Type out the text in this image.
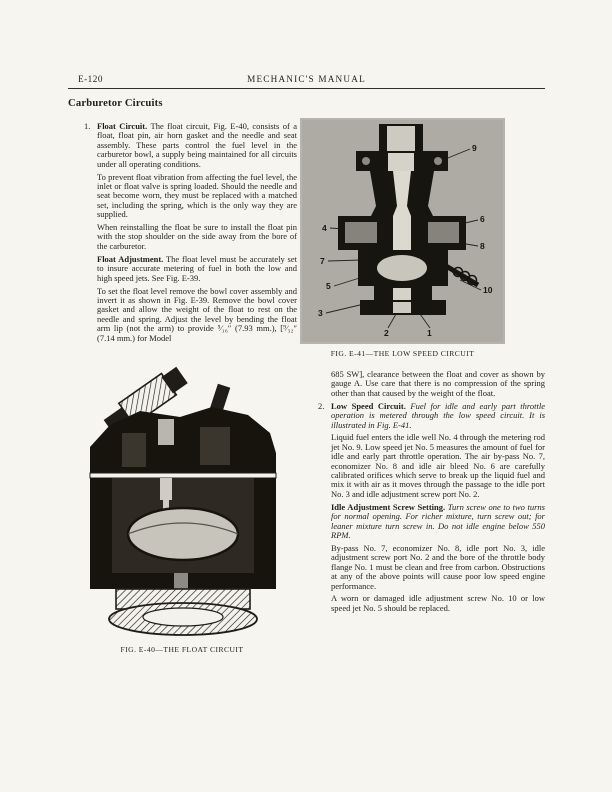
E-120	MECHANIC'S MANUAL
Carburetor Circuits

1. Float Circuit. The float circuit, Fig. E-40, consists of a float, float pin, air horn gasket and the needle and seat assembly. These parts control the fuel level in the carburetor bowl, a supply being maintained for all circuits under all operating conditions.

To prevent float vibration from affecting the fuel level, the inlet or float valve is spring loaded. Should the needle and seat become worn, they must be replaced with a matched set, including the spring, which is the only way they are supplied.

When reinstalling the float be sure to install the float pin with the stop shoulder on the side away from the bore of the carburetor.

Float Adjustment. The float level must be accurately set to insure accurate metering of fuel in both the low and high speed jets. See Fig. E-39.

To set the float level remove the bowl cover assembly and invert it as shown in Fig. E-39. Remove the bowl cover gasket and allow the weight of the float to rest on the needle and spring. Adjust the level by bending the float arm lip (not the arm) to provide ⁵⁄₁₆″ (7.93 mm.), [⁹⁄₃₂″ (7.14 mm.) for Model

FIG. E-40—THE FLOAT CIRCUIT
9
4
6
8
7
5	10
3
2	1
FIG. E-41—THE LOW SPEED CIRCUIT

685 SW], clearance between the float and cover as shown by gauge A. Use care that there is no compression of the spring other than that caused by the weight of the float.

2. Low Speed Circuit. Fuel for idle and early part throttle operation is metered through the low speed circuit. It is illustrated in Fig. E-41.

Liquid fuel enters the idle well No. 4 through the metering rod jet No. 9. Low speed jet No. 5 measures the amount of fuel for idle and early part throttle operation. The air by-pass No. 7, economizer No. 8 and idle air bleed No. 6 are carefully calibrated orifices which serve to break up the liquid fuel and mix it with air as it moves through the passage to the idle port No. 3 and idle adjustment screw port No. 2.

Idle Adjustment Screw Setting. Turn screw one to two turns for normal opening. For richer mixture, turn screw out; for leaner mixture turn screw in. Do not idle engine below 550 RPM.

By-pass No. 7, economizer No. 8, idle port No. 3, idle adjustment screw port No. 2 and the bore of the throttle body flange No. 1 must be clean and free from carbon. Obstructions at any of the above points will cause poor low speed engine performance.

A worn or damaged idle adjustment screw No. 10 or low speed jet No. 5 should be replaced.
